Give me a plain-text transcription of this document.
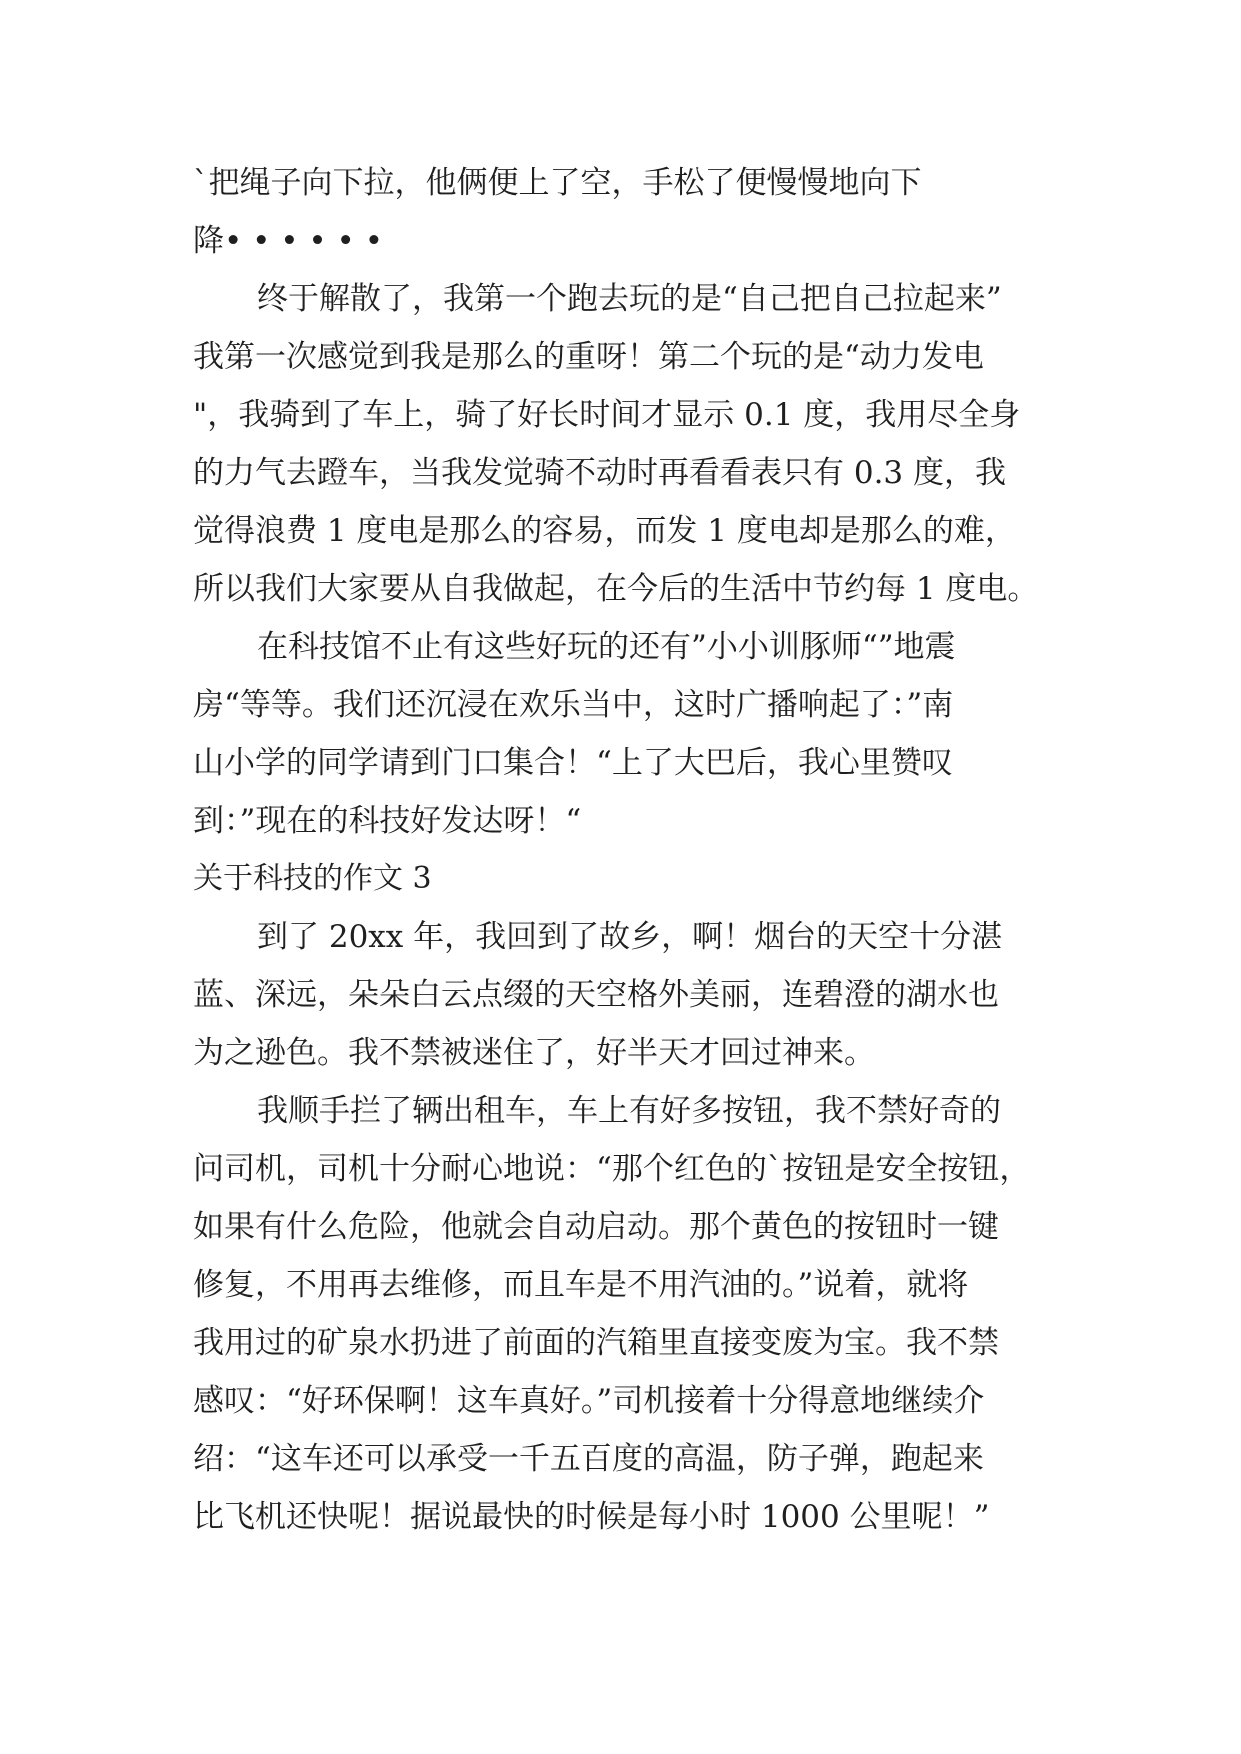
`把绳子向下拉，他俩便上了空，手松了便慢慢地向下
降• • • • • •
终于解散了，我第一个跑去玩的是“自己把自己拉起来”
我第一次感觉到我是那么的重呀！第二个玩的是“动力发电
"，我骑到了车上，骑了好长时间才显示 0.1 度，我用尽全身
的力气去蹬车，当我发觉骑不动时再看看表只有 0.3 度，我
觉得浪费 1 度电是那么的容易，而发 1 度电却是那么的难，
所以我们大家要从自我做起，在今后的生活中节约每 1 度电。
在科技馆不止有这些好玩的还有”小小训豚师“”地震
房“等等。我们还沉浸在欢乐当中，这时广播响起了：”南
山小学的同学请到门口集合！“上了大巴后，我心里赞叹
到：”现在的科技好发达呀！“
关于科技的作文 3
到了 20xx 年，我回到了故乡，啊！烟台的天空十分湛
蓝、深远，朵朵白云点缀的天空格外美丽，连碧澄的湖水也
为之逊色。我不禁被迷住了，好半天才回过神来。
我顺手拦了辆出租车，车上有好多按钮，我不禁好奇的
问司机，司机十分耐心地说：“那个红色的`按钮是安全按钮，
如果有什么危险，他就会自动启动。那个黄色的按钮时一键
修复，不用再去维修，而且车是不用汽油的。”说着，就将
我用过的矿泉水扔进了前面的汽箱里直接变废为宝。我不禁
感叹：“好环保啊！这车真好。”司机接着十分得意地继续介
绍：“这车还可以承受一千五百度的高温，防子弹，跑起来
比飞机还快呢！据说最快的时候是每小时 1000 公里呢！”
